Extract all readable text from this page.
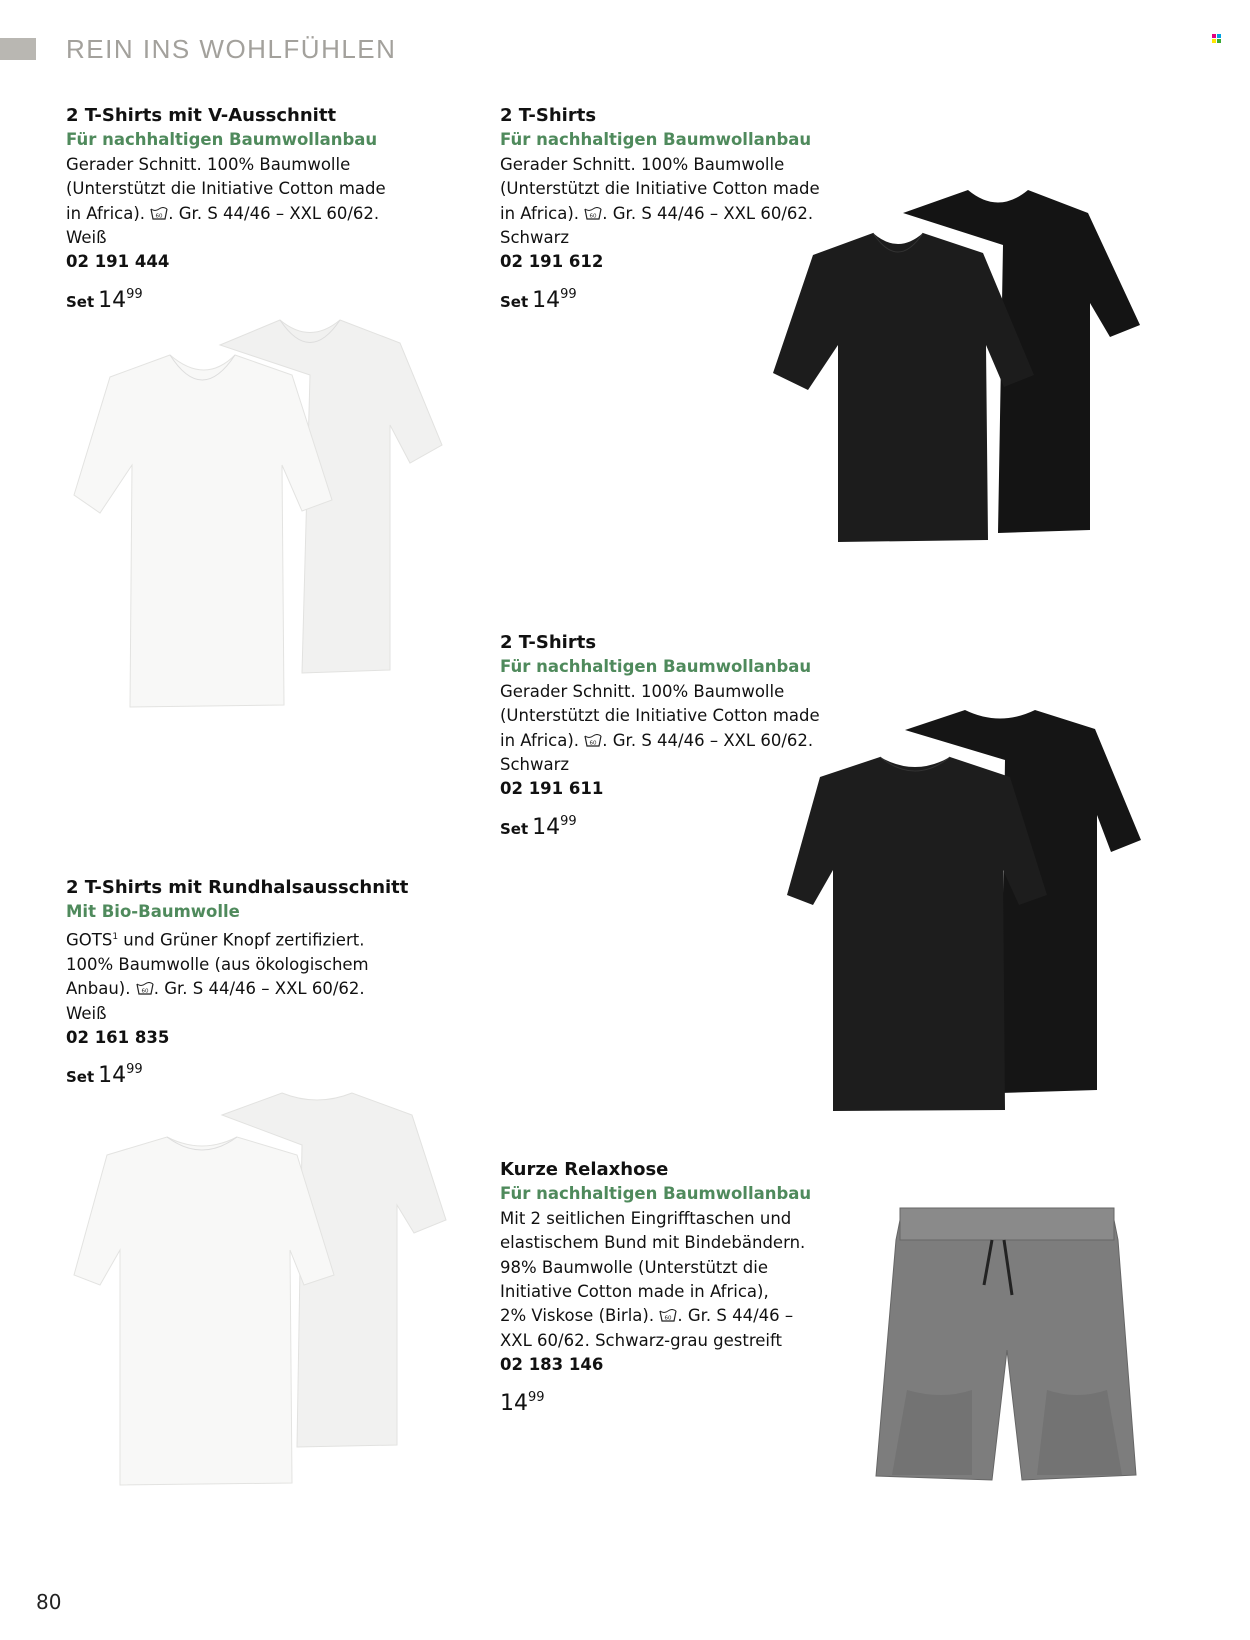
REIN INS WOHLFÜHLEN
2 T-Shirts mit V-Ausschnitt
Für nachhaltigen Baumwollanbau
Gerader Schnitt. 100% Baumwolle
(Unterstützt die Initiative Cotton made
in Africa). 60 . Gr. S 44/46 – XXL 60/62.
Weiß
02 191 444
Set $14^{99}$
2 T-Shirts
Für nachhaltigen Baumwollanbau
Gerader Schnitt. 100% Baumwolle
(Unterstützt die Initiative Cotton made
in Africa). 60 . Gr. S 44/46 – XXL 60/62.
Schwarz
02 191 612
Set $14^{99}$
2 T-Shirts
Für nachhaltigen Baumwollanbau
Gerader Schnitt. 100% Baumwolle
(Unterstützt die Initiative Cotton made
in Africa). 60 . Gr. S 44/46 – XXL 60/62.
Schwarz
02 191 611
Set $14^{99}$
2 T-Shirts mit Rundhalsausschnitt
Mit Bio-Baumwolle
GOTS$^1$ und Grüner Knopf zertifiziert.
100% Baumwolle (aus ökologischem
Anbau). 60 . Gr. S 44/46 – XXL 60/62.
Weiß
02 161 835
Set $14^{99}$
Kurze Relaxhose
Für nachhaltigen Baumwollanbau
Mit 2 seitlichen Eingrifftaschen und
elastischem Bund mit Bindebändern.
98% Baumwolle (Unterstützt die
Initiative Cotton made in Africa),
2% Viskose (Birla). 60 . Gr. S 44/46 –
XXL 60/62. Schwarz-grau gestreift
02 183 146
$14^{99}$
80
